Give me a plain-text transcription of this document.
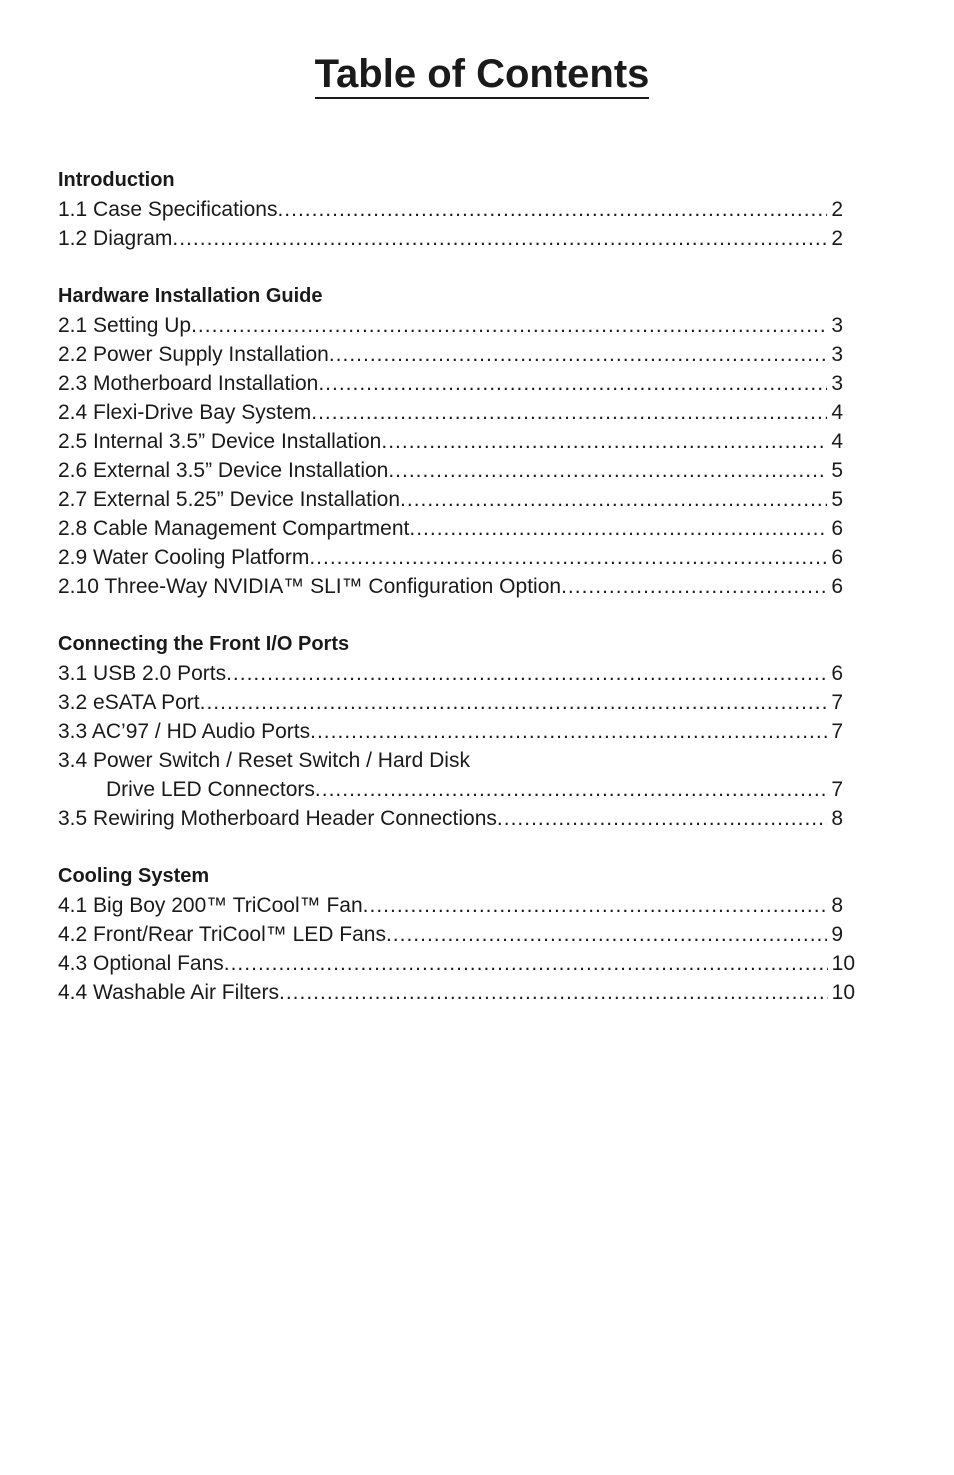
Table of Contents
Introduction
1.1 Case Specifications .....	2
1.2 Diagram .....	2
Hardware Installation Guide
2.1 Setting Up .....	3
2.2 Power Supply Installation .....	3
2.3 Motherboard Installation .....	3
2.4 Flexi-Drive Bay System .....	4
2.5 Internal 3.5” Device Installation .....	4
2.6 External 3.5” Device Installation .....	5
2.7 External 5.25” Device Installation .....	5
2.8 Cable Management Compartment .....	6
2.9 Water Cooling Platform .....	6
2.10 Three-Way NVIDIA™ SLI™ Configuration Option .....	6
Connecting the Front I/O Ports
3.1 USB 2.0 Ports .....	6
3.2 eSATA Port .....	7
3.3 AC’97 / HD Audio Ports .....	7
3.4 Power Switch / Reset Switch / Hard Disk
Drive LED Connectors .....	7
3.5 Rewiring Motherboard Header Connections .....	8
Cooling System
4.1 Big Boy 200™ TriCool™ Fan .....	8
4.2 Front/Rear TriCool™ LED Fans .....	9
4.3 Optional Fans .....	10
4.4 Washable Air Filters .....	10
